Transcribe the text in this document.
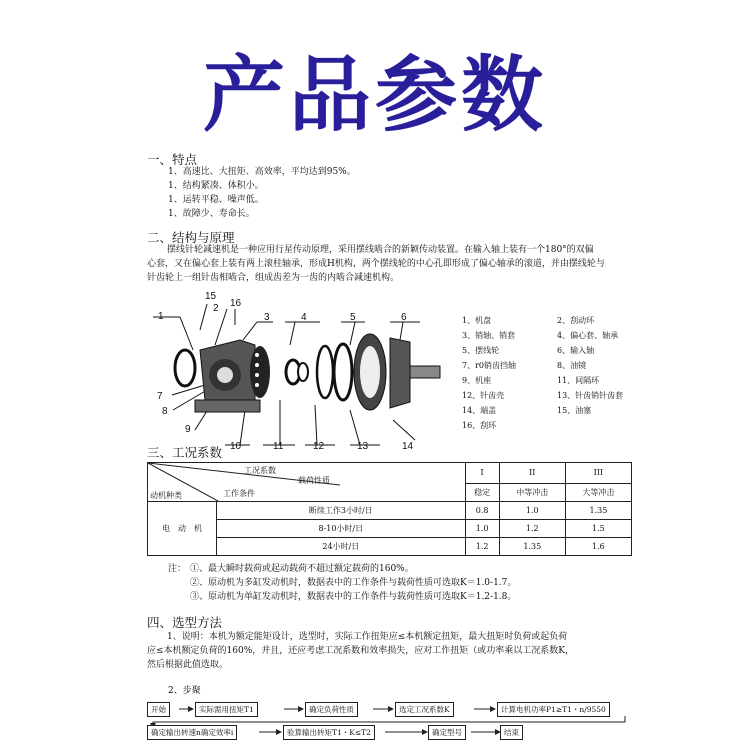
产品参数
一、特点
1、高速比、大扭矩、高效率，平均达到95%。
1、结构紧凑、体积小。
1、运转平稳、噪声低。
1、故障少、寿命长。
二、结构与原理
摆线针轮减速机是一种应用行星传动原理，采用摆线啮合的新颖传动装置。在输入轴上装有一个180°的双偏
心套，又在偏心套上装有两上滚柱轴承，形成H机构，两个摆线轮的中心孔即形成了偏心轴承的滚道，并由摆线轮与
针齿轮上一组针齿相啮合，组成齿差为一齿的内啮合减速机构。
15
2 16
1	3	4	5	6
7
8
9
10	11	12	13	14
1、机盘	2、刮动环
3、销轴、销套	4、偏心套、轴承
5、摆线轮	6、输入轴
7、r0销齿挡轴	8、油镜
9、机座	11、间隔环
12、针齿壳	13、针齿销针齿套
14、端盖	15、油塞
16、刮环
三、工况系数
工况系数
载荷性质
工作条件
动机种类		I	II	III
		稳定	中等冲击	大等冲击
电　动　机	断续工作3小时/日	0.8	1.0	1.35
	8-10小时/日	1.0	1.2	1.5
	24小时/日	1.2	1.35	1.6
注： ①、最大瞬时载荷或起动载荷不超过额定载荷的160%。
②、原动机为多缸发动机时，数据表中的工作条件与载荷性质可选取K＝1.0-1.7。
③、原动机为单缸发动机时，数据表中的工作条件与载荷性质可选取K＝1.2-1.8。
四、选型方法
1、说明：本机为额定能矩设计，选型时，实际工作扭矩应≤本机额定扭矩，最大扭矩时负荷或起负荷
应≤本机额定负荷的160%，并且，还应考虑工况系数和效率损失，应对工作扭矩（或功率乘以工况系数K，
然后根据此值选取。
2、步聚
开始	实际需用扭矩T1	确定负荷性质	选定工况系数K	计算电机功率P1≥T1・n/9550
确定输出转速n确定效率i	验算输出转矩T1・K≤T2	确定型号	结束
